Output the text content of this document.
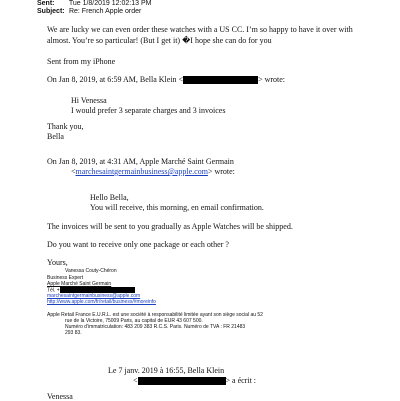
Sent: Tue 1/8/2019 12:02:13 PM
Subject: Re: French Apple order
We are lucky we can even order these watches with a US CC. I’m so happy to have it over with
almost. You’re so particular! (But I get it) �I hope she can do for you
Sent from my iPhone
On Jan 8, 2019, at 6:59 AM, Bella Klein <	> wrote:
Hi Venessa
I would prefer 3 separate charges and 3 invoices
Thank you,
Bella
On Jan 8, 2019, at 4:31 AM, Apple Marché Saint Germain
<marchesaintgermainbusiness@apple.com> wrote:
Hello Bella,
You will receive, this morning, en email confirmation.
The invoices will be sent to you gradually as Apple Watches will be shipped.
Do you want to receive only one package or each other ?
Yours,
Vanessa Couty-Chéron
Business Expert
Apple Marché Saint Germain
Tél. +
marchesaintgermainbusiness@apple.com
http://www.apple.com/fr/retail/business/#moreinfo
Apple Retail France E.U.R.L. est une société à responsabilité limitée ayant son siège social au 52
rue de la Victoire, 75009 Paris, au capital de EUR 43 607 500.
Numéro d’immatriculation: 483 209 383 R.C.S. Paris. Numéro de TVA : FR 21483
293 83.
Le 7 janv. 2019 à 16:55, Bella Klein
<	> a écrit :
Venessa
